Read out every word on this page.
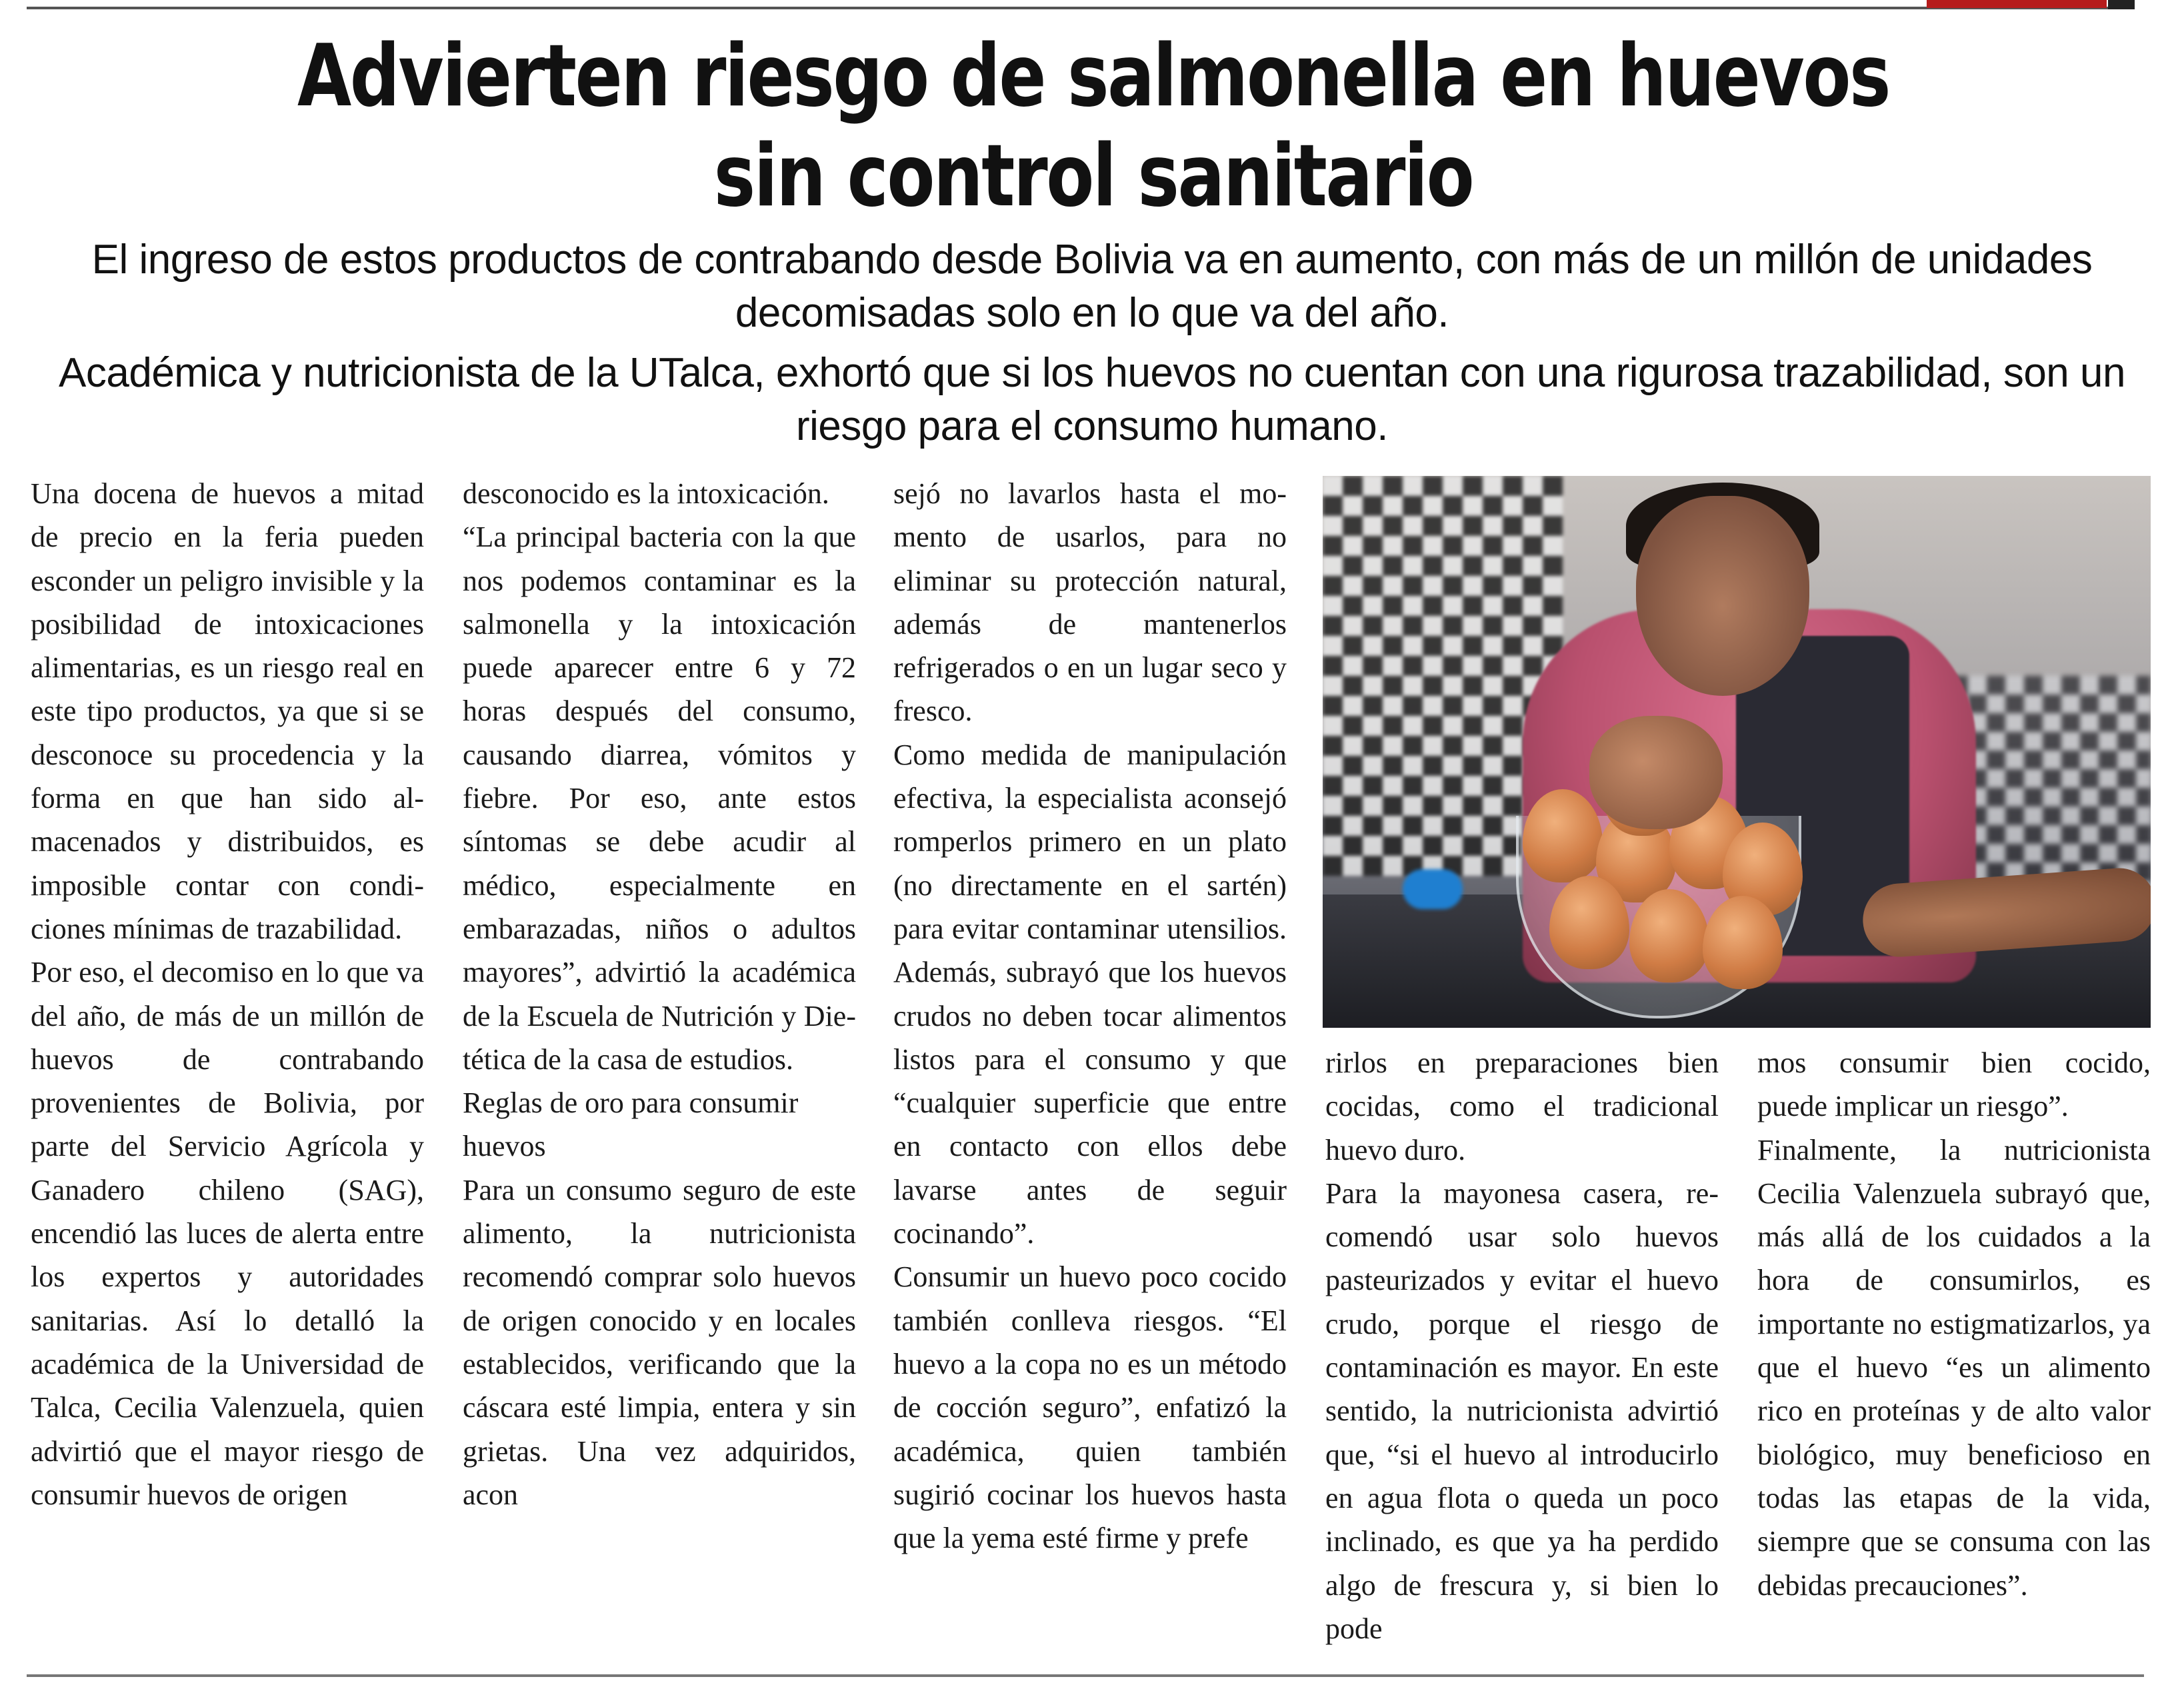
Advierten riesgo de salmonella en huevos sin control sanitario

El ingreso de estos productos de contrabando desde Bolivia va en aumento, con más de un millón de unidades decomisadas solo en lo que va del año.

Académica y nutricionista de la UTalca, exhortó que si los huevos no cuentan con una rigurosa trazabilidad, son un riesgo para el consumo humano.

Una docena de huevos a mitad de precio en la feria pueden esconder un peligro invisible y la posibilidad de intoxicaciones alimentarias, es un riesgo real en este tipo productos, ya que si se desconoce su procedencia y la forma en que han sido almacenados y distribuidos, es imposible contar con condiciones mínimas de trazabilidad.

Por eso, el decomiso en lo que va del año, de más de un millón de huevos de contrabando provenientes de Bolivia, por parte del Servicio Agrícola y Ganadero chileno (SAG), encendió las luces de alerta entre los expertos y autoridades sanitarias. Así lo detalló la académica de la Universidad de Talca, Cecilia Valenzuela, quien advirtió que el mayor riesgo de consumir huevos de origen

desconocido es la intoxicación.

“La principal bacteria con la que nos podemos contaminar es la salmonella y la intoxicación puede aparecer entre 6 y 72 horas después del consumo, causando diarrea, vómitos y fiebre. Por eso, ante estos síntomas se debe acudir al médico, especialmente en embarazadas, niños o adultos mayores”, advirtió la académica de la Escuela de Nutrición y Dietética de la casa de estudios.

Reglas de oro para consumir huevos

Para un consumo seguro de este alimento, la nutricionista recomendó comprar solo huevos de origen conocido y en locales establecidos, verificando que la cáscara esté limpia, entera y sin grietas. Una vez adquiridos, acon

sejó no lavarlos hasta el momento de usarlos, para no eliminar su protección natural, además de mantenerlos refrigerados o en un lugar seco y fresco.

Como medida de manipulación efectiva, la especialista aconsejó romperlos primero en un plato (no directamente en el sartén) para evitar contaminar utensilios. Además, subrayó que los huevos crudos no deben tocar alimentos listos para el consumo y que “cualquier superficie que entre en contacto con ellos debe lavarse antes de seguir cocinando”.

Consumir un huevo poco cocido también conlleva riesgos. “El huevo a la copa no es un método de cocción seguro”, enfatizó la académica, quien también sugirió cocinar los huevos hasta que la yema esté firme y prefe

rirlos en preparaciones bien cocidas, como el tradicional huevo duro.

Para la mayonesa casera, recomendó usar solo huevos pasteurizados y evitar el huevo crudo, porque el riesgo de contaminación es mayor. En este sentido, la nutricionista advirtió que, “si el huevo al introducirlo en agua flota o queda un poco inclinado, es que ya ha perdido algo de frescura y, si bien lo pode

mos consumir bien cocido, puede implicar un riesgo”.

Finalmente, la nutricionista Cecilia Valenzuela subrayó que, más allá de los cuidados a la hora de consumirlos, es importante no estigmatizarlos, ya que el huevo “es un alimento rico en proteínas y de alto valor biológico, muy beneficioso en todas las etapas de la vida, siempre que se consuma con las debidas precauciones”.
